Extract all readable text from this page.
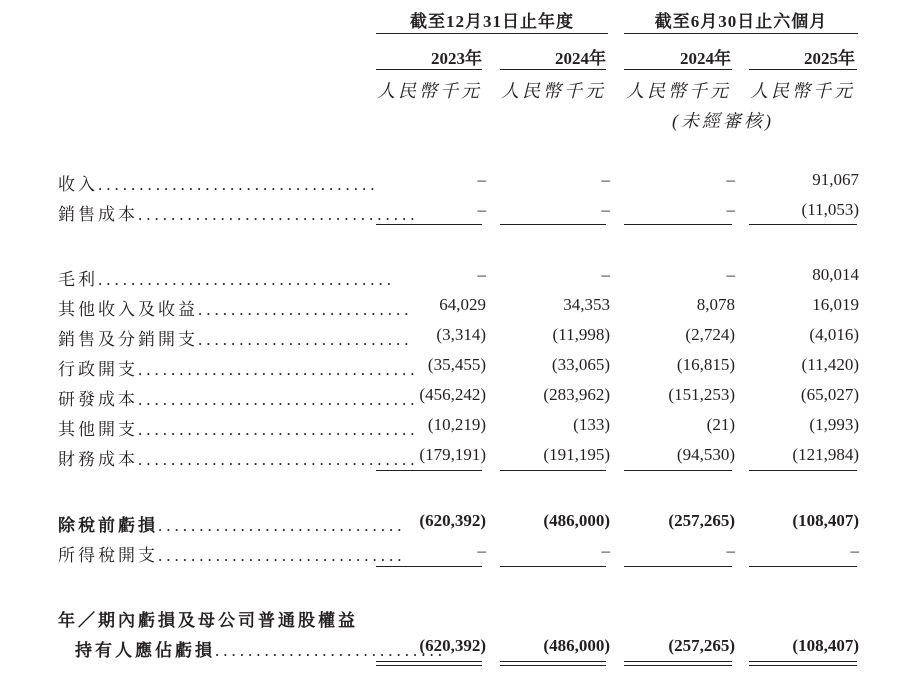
截至12月31日止年度	截至6月30日止六個月
2023年	2024年	2024年	2025年
人民幣千元	人民幣千元	人民幣千元	人民幣千元
(未經審核)
收入..................................	–	–	–	91,067
銷售成本..................................	–	–	–	(11,053)
毛利....................................	–	–	–	80,014
其他收入及收益..........................	64,029	34,353	8,078	16,019
銷售及分銷開支..........................	(3,314)	(11,998)	(2,724)	(4,016)
行政開支.................................. (35,455)	(33,065)	(16,815)	(11,420)
研發成本.................................. (456,242)	(283,962)	(151,253)	(65,027)
其他開支.................................. (10,219)	(133)	(21)	(1,993)
財務成本.................................. (179,191)	(191,195)	(94,530)	(121,984)
除稅前虧損.............................. (620,392)	(486,000)	(257,265)	(108,407)
所得稅開支..............................	–	–	–	–
年／期內虧損及母公司普通股權益
持有人應佔虧損............................
(620,392)	(486,000)	(257,265)	(108,407)
